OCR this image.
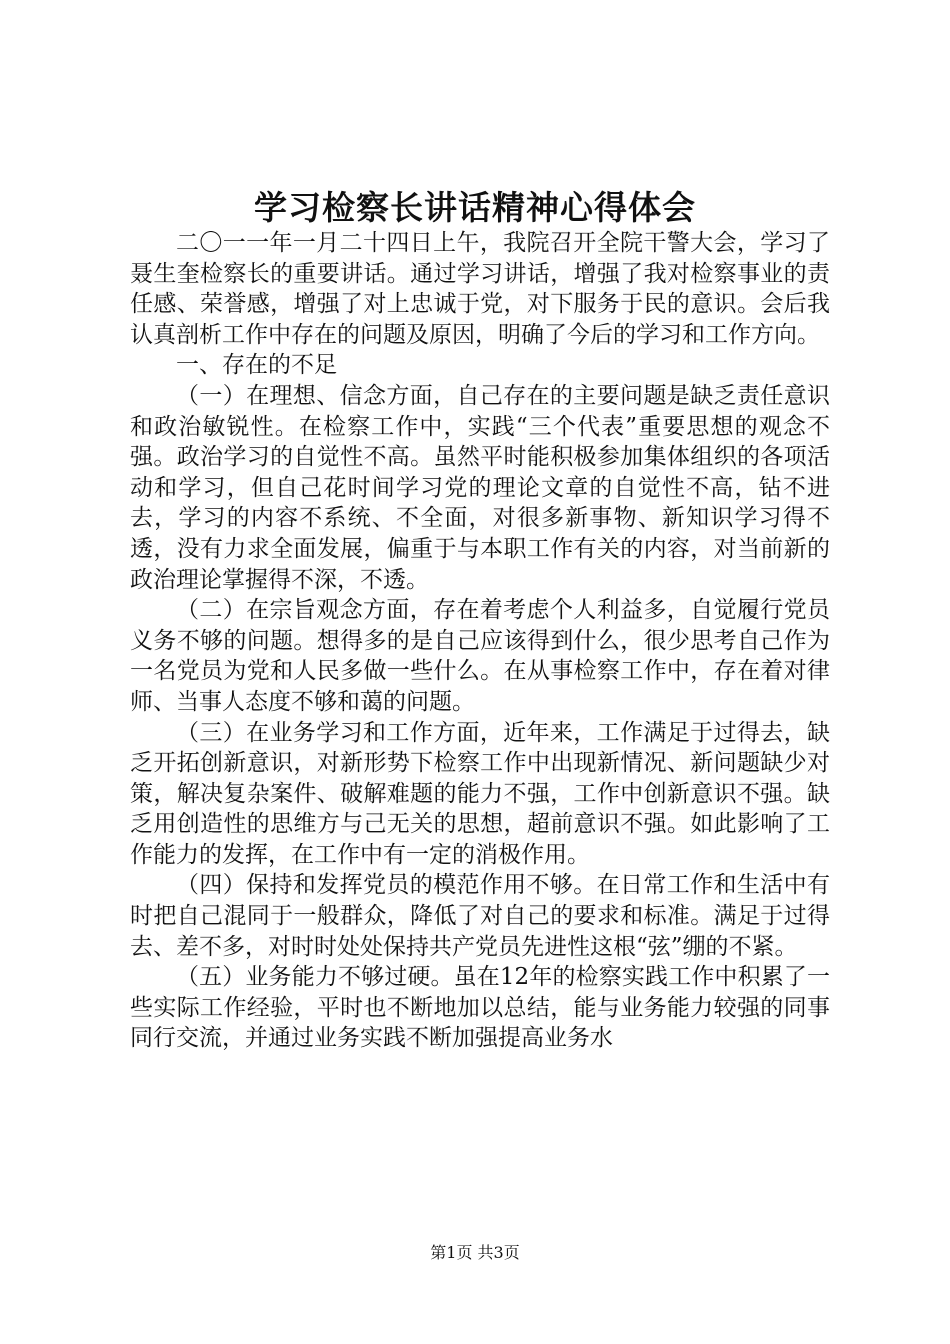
学习检察长讲话精神心得体会

二〇一一年一月二十四日上午，我院召开全院干警大会，学习了聂生奎检察长的重要讲话。通过学习讲话，增强了我对检察事业的责任感、荣誉感，增强了对上忠诚于党，对下服务于民的意识。会后我认真剖析工作中存在的问题及原因，明确了今后的学习和工作方向。

一、存在的不足

（一）在理想、信念方面，自己存在的主要问题是缺乏责任意识和政治敏锐性。在检察工作中，实践“三个代表”重要思想的观念不强。政治学习的自觉性不高。虽然平时能积极参加集体组织的各项活动和学习，但自己花时间学习党的理论文章的自觉性不高，钻不进去，学习的内容不系统、不全面，对很多新事物、新知识学习得不透，没有力求全面发展，偏重于与本职工作有关的内容，对当前新的政治理论掌握得不深，不透。

（二）在宗旨观念方面，存在着考虑个人利益多，自觉履行党员义务不够的问题。想得多的是自己应该得到什么，很少思考自己作为一名党员为党和人民多做一些什么。在从事检察工作中，存在着对律师、当事人态度不够和蔼的问题。

（三）在业务学习和工作方面，近年来，工作满足于过得去，缺乏开拓创新意识，对新形势下检察工作中出现新情况、新问题缺少对策，解决复杂案件、破解难题的能力不强，工作中创新意识不强。缺乏用创造性的思维方与己无关的思想，超前意识不强。如此影响了工作能力的发挥，在工作中有一定的消极作用。

（四）保持和发挥党员的模范作用不够。在日常工作和生活中有时把自己混同于一般群众，降低了对自己的要求和标准。满足于过得去、差不多，对时时处处保持共产党员先进性这根“弦”绷的不紧。

（五）业务能力不够过硬。虽在12年的检察实践工作中积累了一些实际工作经验，平时也不断地加以总结，能与业务能力较强的同事同行交流，并通过业务实践不断加强提高业务水

第1页 共3页
